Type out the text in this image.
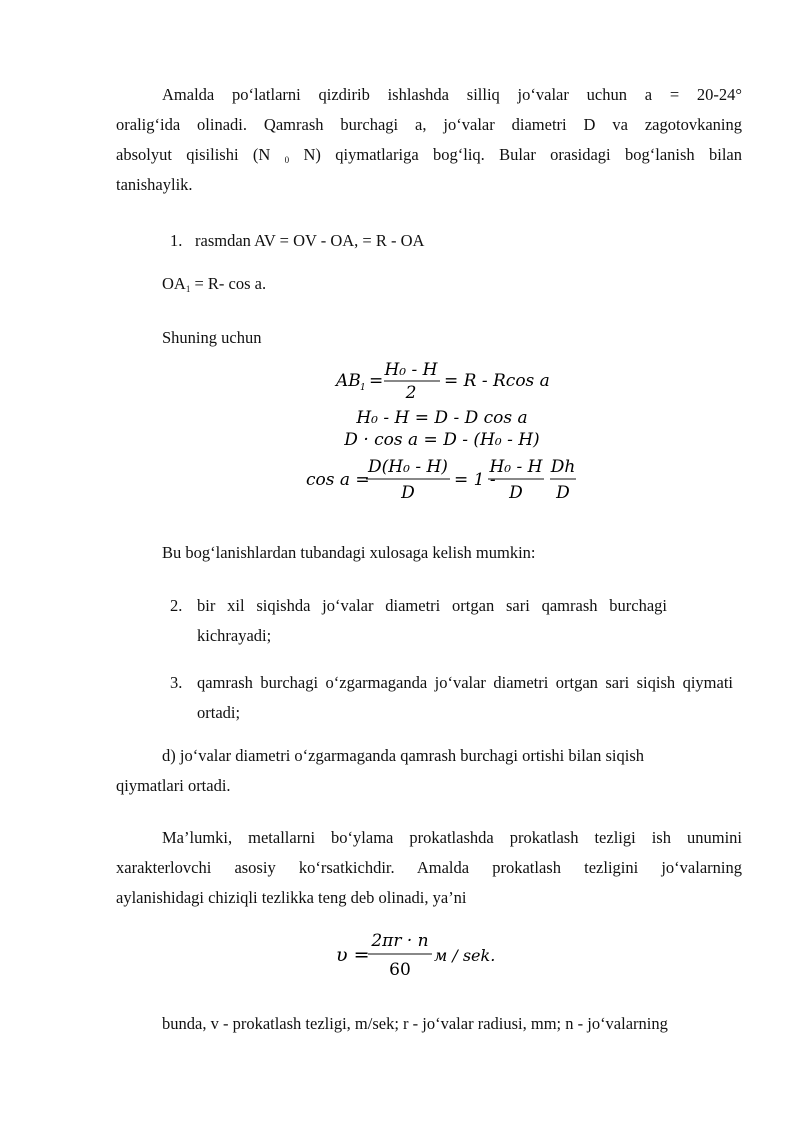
Amalda po‘latlarni qizdirib ishlashda silliq jo‘valar uchun a = 20-24°

oralig‘ida olinadi. Qamrash burchagi a, jo‘valar diametri D va zagotovkaning

absolyut qisilishi (N $_0$ N) qiymatlariga bog‘liq. Bular orasidagi bog‘lanish bilan

tanishaylik.

1. rasmdan AV = OV - OA, = R - OA

$OA_1 = R-$ cos a.

Shuning uchun

AB 1 =
H₀ - H
2
= R - Rcos a
H₀ - H = D - D cos a
D · cos a = D - (H₀ - H)
cos a =
D(H₀ - H)
D
= 1 -
H₀ - H
D
Dh
D

Bu bog‘lanishlardan tubandagi xulosaga kelish mumkin:

2. bir xil siqishda jo‘valar diametri ortgan sari qamrash burchagi kichrayadi;
3. qamrash burchagi o‘zgarmaganda jo‘valar diametri ortgan sari siqish qiymati ortadi;

d) jo‘valar diametri o‘zgarmaganda qamrash burchagi ortishi bilan siqish

qiymatlari ortadi.

Ma’lumki, metallarni bo‘ylama prokatlashda prokatlash tezligi ish unumini

xarakterlovchi asosiy ko‘rsatkichdir. Amalda prokatlash tezligini jo‘valarning

aylanishidagi chiziqli tezlikka teng deb olinadi, ya’ni

υ =
2πr · n
60
м / sek.

bunda, v - prokatlash tezligi, m/sek; r - jo‘valar radiusi, mm; n - jo‘valarning
